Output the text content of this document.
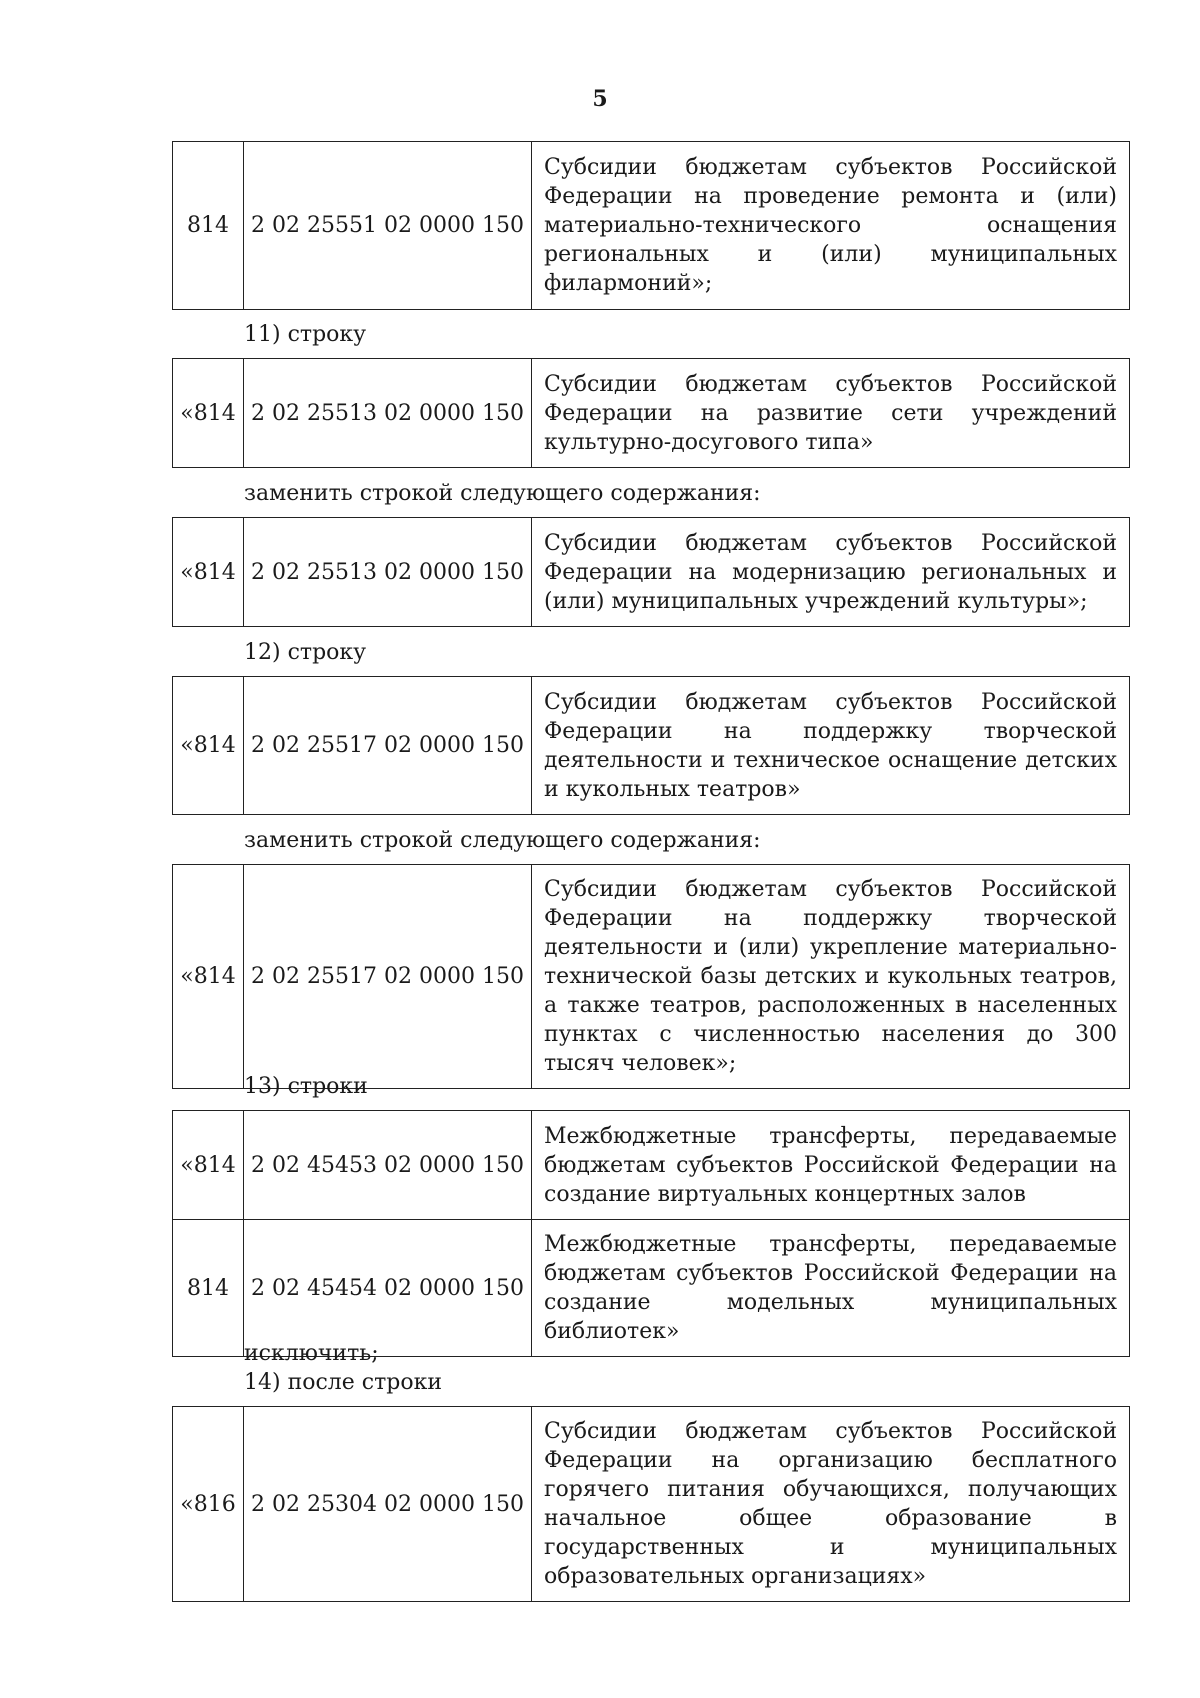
5
814	2 02 25551 02 0000 150	Субсидии бюджетам субъектов Российской Федерации на проведение ремонта и (или) материально-технического оснащения региональных и (или) муниципальных филармоний»;
11) строку
«814	2 02 25513 02 0000 150	Субсидии бюджетам субъектов Российской Федерации на развитие сети учреждений культурно-досугового типа»
заменить строкой следующего содержания:
«814	2 02 25513 02 0000 150	Субсидии бюджетам субъектов Российской Федерации на модернизацию региональных и (или) муниципальных учреждений культуры»;
12) строку
«814	2 02 25517 02 0000 150	Субсидии бюджетам субъектов Российской Федерации на поддержку творческой деятельности и техническое оснащение детских и кукольных театров»
заменить строкой следующего содержания:
«814	2 02 25517 02 0000 150	Субсидии бюджетам субъектов Российской Федерации на поддержку творческой деятельности и (или) укрепление материально-технической базы детских и кукольных театров, а также театров, расположенных в населенных пунктах с численностью населения до 300 тысяч человек»;
13) строки
«814	2 02 45453 02 0000 150	Межбюджетные трансферты, передаваемые бюджетам субъектов Российской Федерации на создание виртуальных концертных залов
814	2 02 45454 02 0000 150	Межбюджетные трансферты, передаваемые бюджетам субъектов Российской Федерации на создание модельных муниципальных библиотек»
исключить;
14) после строки
«816	2 02 25304 02 0000 150	Субсидии бюджетам субъектов Российской Федерации на организацию бесплатного горячего питания обучающихся, получающих начальное общее образование в государственных и муниципальных образовательных организациях»
